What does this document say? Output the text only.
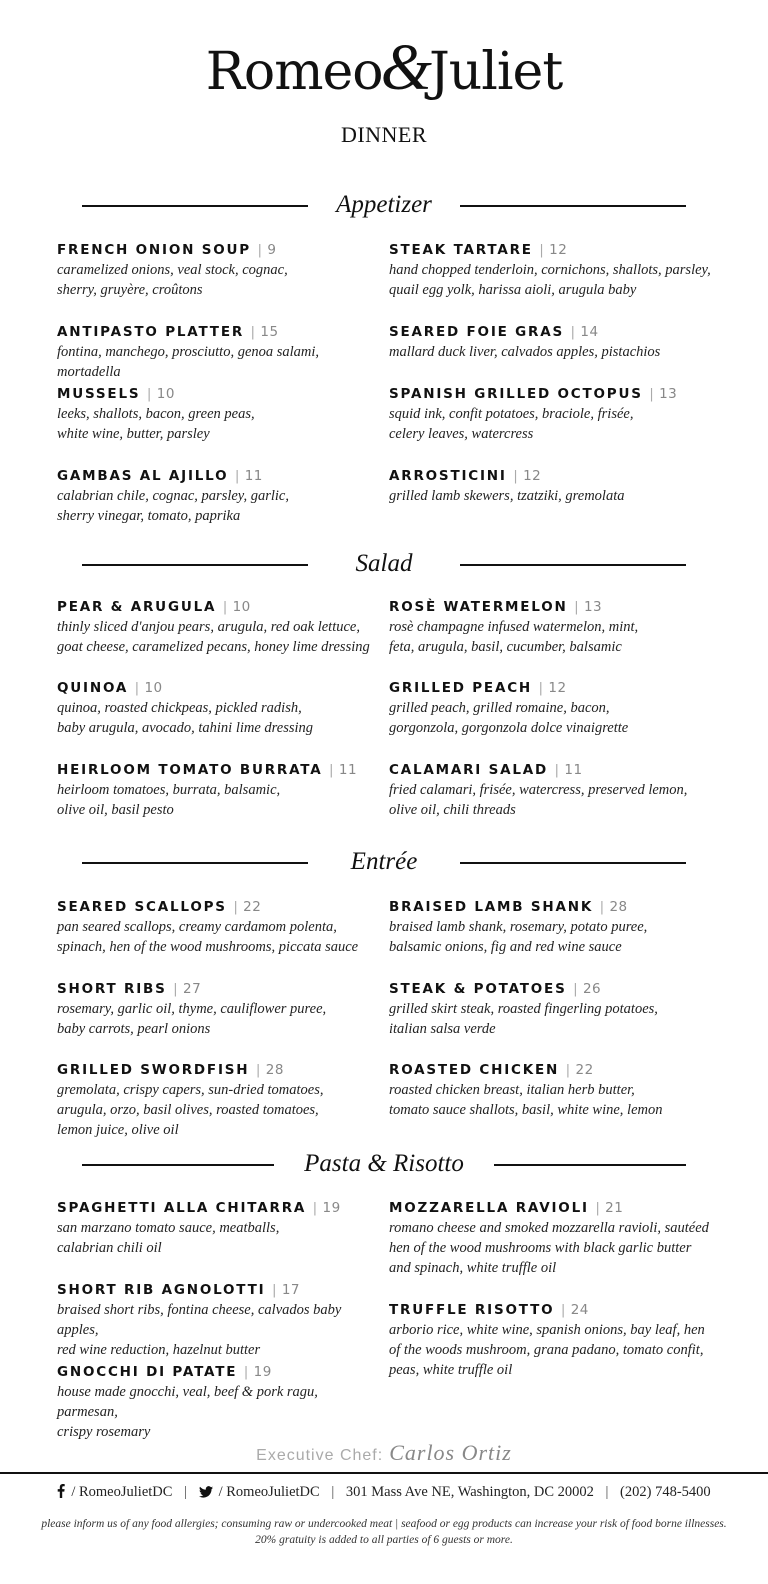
Romeo&Juliet
DINNER
Appetizer
FRENCH ONION SOUP | 9
caramelized onions, veal stock, cognac,
sherry, gruyère, croûtons
STEAK TARTARE | 12
hand chopped tenderloin, cornichons, shallots, parsley,
quail egg yolk, harissa aioli, arugula baby
ANTIPASTO PLATTER | 15
fontina, manchego, prosciutto, genoa salami, mortadella
SEARED FOIE GRAS | 14
mallard duck liver, calvados apples, pistachios
MUSSELS | 10
leeks, shallots, bacon, green peas,
white wine, butter, parsley
SPANISH GRILLED OCTOPUS | 13
squid ink, confit potatoes, braciole, frisée,
celery leaves, watercress
GAMBAS AL AJILLO | 11
calabrian chile, cognac, parsley, garlic,
sherry vinegar, tomato, paprika
ARROSTICINI | 12
grilled lamb skewers, tzatziki, gremolata
Salad
PEAR & ARUGULA | 10
thinly sliced d'anjou pears, arugula, red oak lettuce,
goat cheese, caramelized pecans, honey lime dressing
ROSÈ WATERMELON | 13
rosè champagne infused watermelon, mint,
feta, arugula, basil, cucumber, balsamic
QUINOA | 10
quinoa, roasted chickpeas, pickled radish,
baby arugula, avocado, tahini lime dressing
GRILLED PEACH | 12
grilled peach, grilled romaine, bacon,
gorgonzola, gorgonzola dolce vinaigrette
HEIRLOOM TOMATO BURRATA | 11
heirloom tomatoes, burrata, balsamic,
olive oil, basil pesto
CALAMARI SALAD | 11
fried calamari, frisée, watercress, preserved lemon,
olive oil, chili threads
Entrée
SEARED SCALLOPS | 22
pan seared scallops, creamy cardamom polenta,
spinach, hen of the wood mushrooms, piccata sauce
BRAISED LAMB SHANK | 28
braised lamb shank, rosemary, potato puree,
balsamic onions, fig and red wine sauce
SHORT RIBS | 27
rosemary, garlic oil, thyme, cauliflower puree,
baby carrots, pearl onions
STEAK & POTATOES | 26
grilled skirt steak, roasted fingerling potatoes,
italian salsa verde
GRILLED SWORDFISH | 28
gremolata, crispy capers, sun-dried tomatoes,
arugula, orzo, basil olives, roasted tomatoes,
lemon juice, olive oil
ROASTED CHICKEN | 22
roasted chicken breast, italian herb butter,
tomato sauce shallots, basil, white wine, lemon
Pasta & Risotto
SPAGHETTI ALLA CHITARRA | 19
san marzano tomato sauce, meatballs,
calabrian chili oil
MOZZARELLA RAVIOLI | 21
romano cheese and smoked mozzarella ravioli, sautéed
hen of the wood mushrooms with black garlic butter
and spinach, white truffle oil
SHORT RIB AGNOLOTTI | 17
braised short ribs, fontina cheese, calvados baby apples,
red wine reduction, hazelnut butter
TRUFFLE RISOTTO | 24
arborio rice, white wine, spanish onions, bay leaf, hen
of the woods mushroom, grana padano, tomato confit,
peas, white truffle oil
GNOCCHI DI PATATE | 19
house made gnocchi, veal, beef & pork ragu, parmesan,
crispy rosemary
Executive Chef: Carlos Ortiz
/ RomeoJulietDC | / RomeoJulietDC | 301 Mass Ave NE, Washington, DC 20002 | (202) 748-5400
please inform us of any food allergies; consuming raw or undercooked meat | seafood or egg products can increase your risk of food borne illnesses.
20% gratuity is added to all parties of 6 guests or more.
